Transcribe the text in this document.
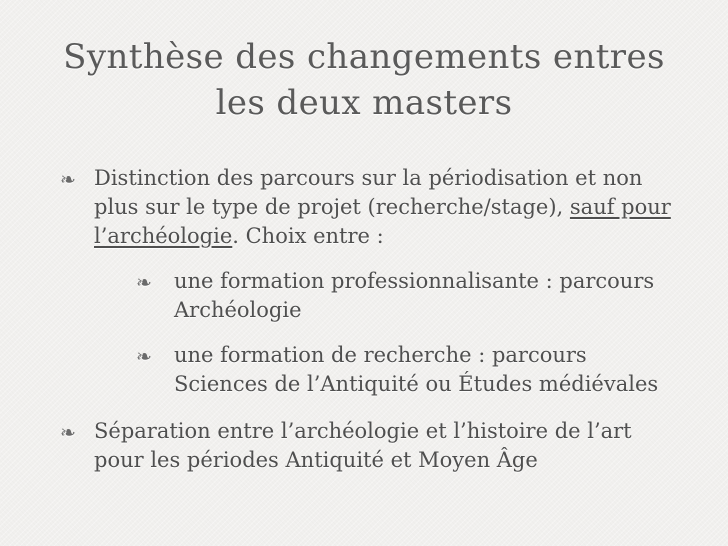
Synthèse des changements entres
les deux masters
❧ Distinction des parcours sur la périodisation et non plus sur le type de projet (recherche/stage), sauf pour l’archéologie. Choix entre :
❧ une formation professionnalisante : parcours Archéologie
❧ une formation de recherche : parcours Sciences de l’Antiquité ou Études médiévales
❧ Séparation entre l’archéologie et l’histoire de l’art pour les périodes Antiquité et Moyen Âge
